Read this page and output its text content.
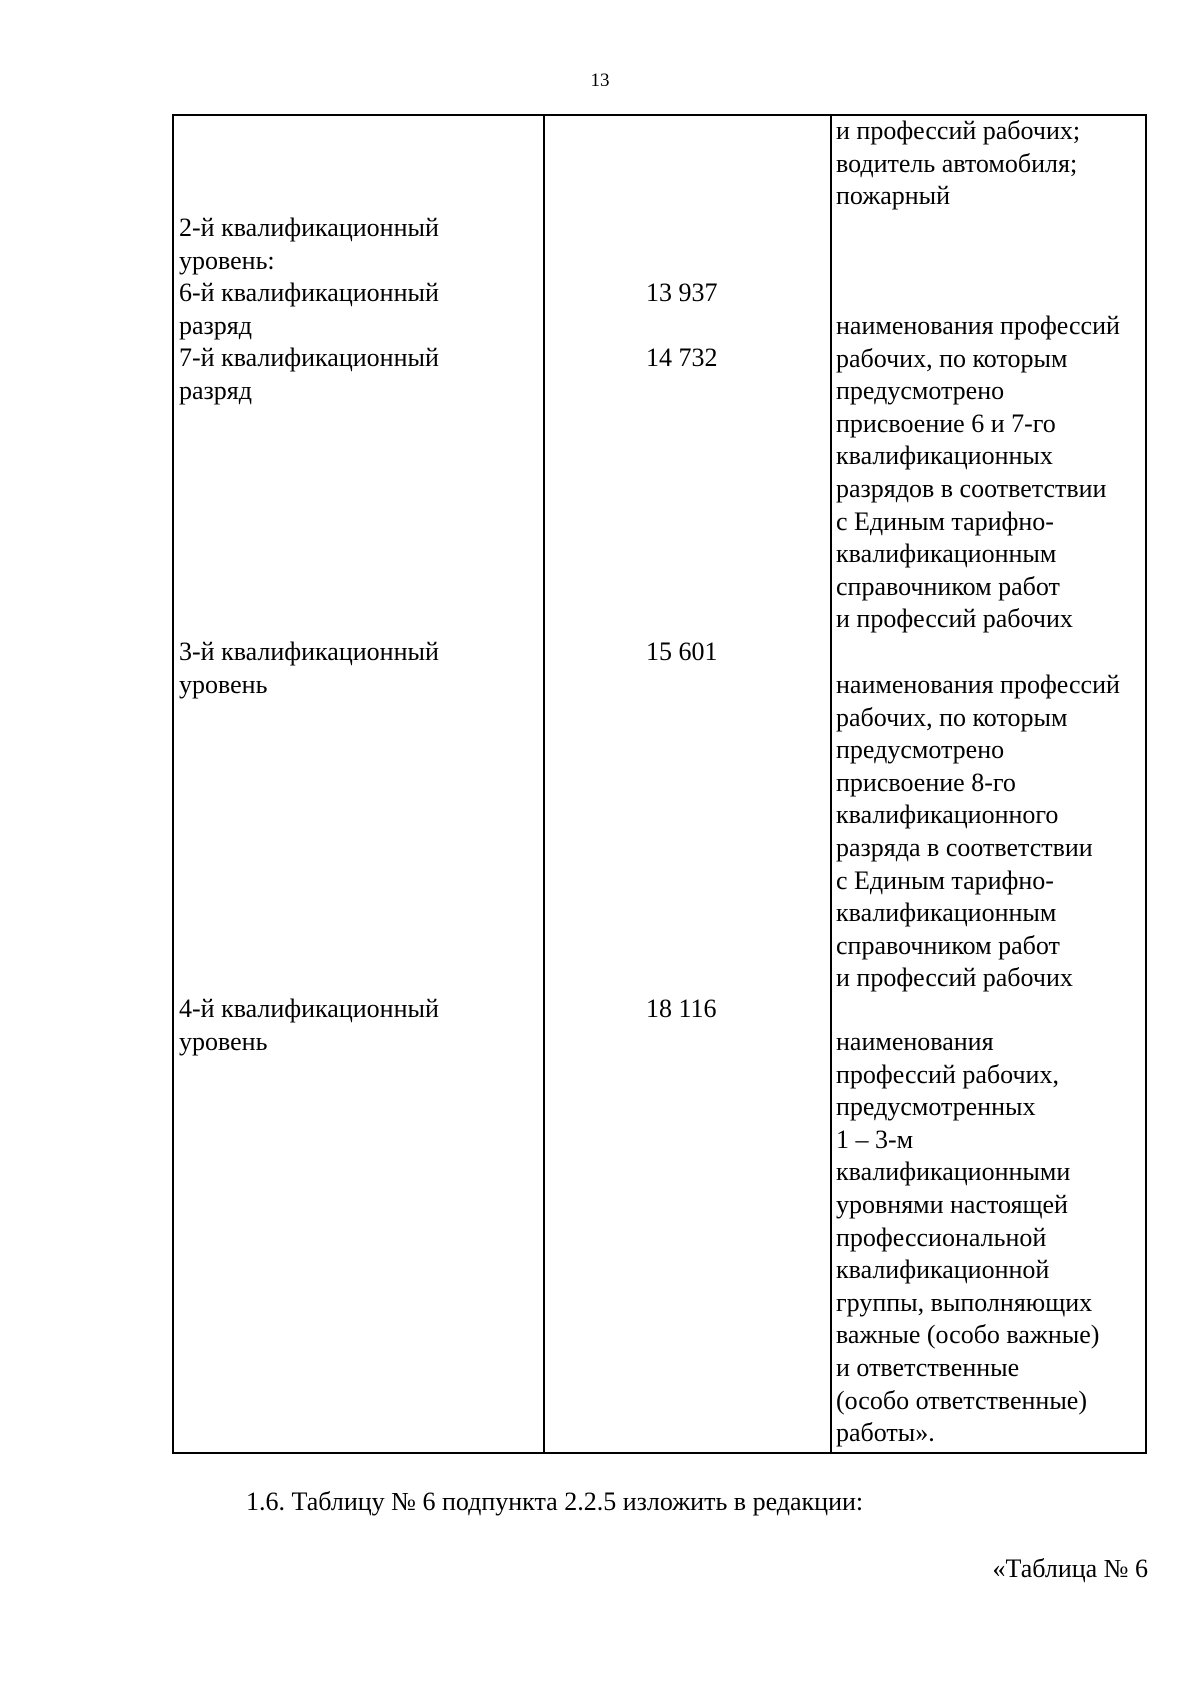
13

и профессий рабочих;
водитель автомобиля;
пожарный

2-й квалификационный
уровень:

6-й квалификационный
разряд

13 937

7-й квалификационный
разряд

14 732

наименования профессий
рабочих, по которым
предусмотрено
присвоение 6 и 7-го
квалификационных
разрядов в соответствии
с Единым тарифно-
квалификационным
справочником работ
и профессий рабочих

3-й квалификационный
уровень

15 601

наименования профессий
рабочих, по которым
предусмотрено
присвоение 8-го
квалификационного
разряда в соответствии
с Единым тарифно-
квалификационным
справочником работ
и профессий рабочих

4-й квалификационный
уровень

18 116

наименования
профессий рабочих,
предусмотренных
1 – 3-м
квалификационными
уровнями настоящей
профессиональной
квалификационной
группы, выполняющих
важные (особо важные)
и ответственные
(особо ответственные)
работы».

1.6. Таблицу № 6 подпункта 2.2.5 изложить в редакции:

«Таблица № 6
